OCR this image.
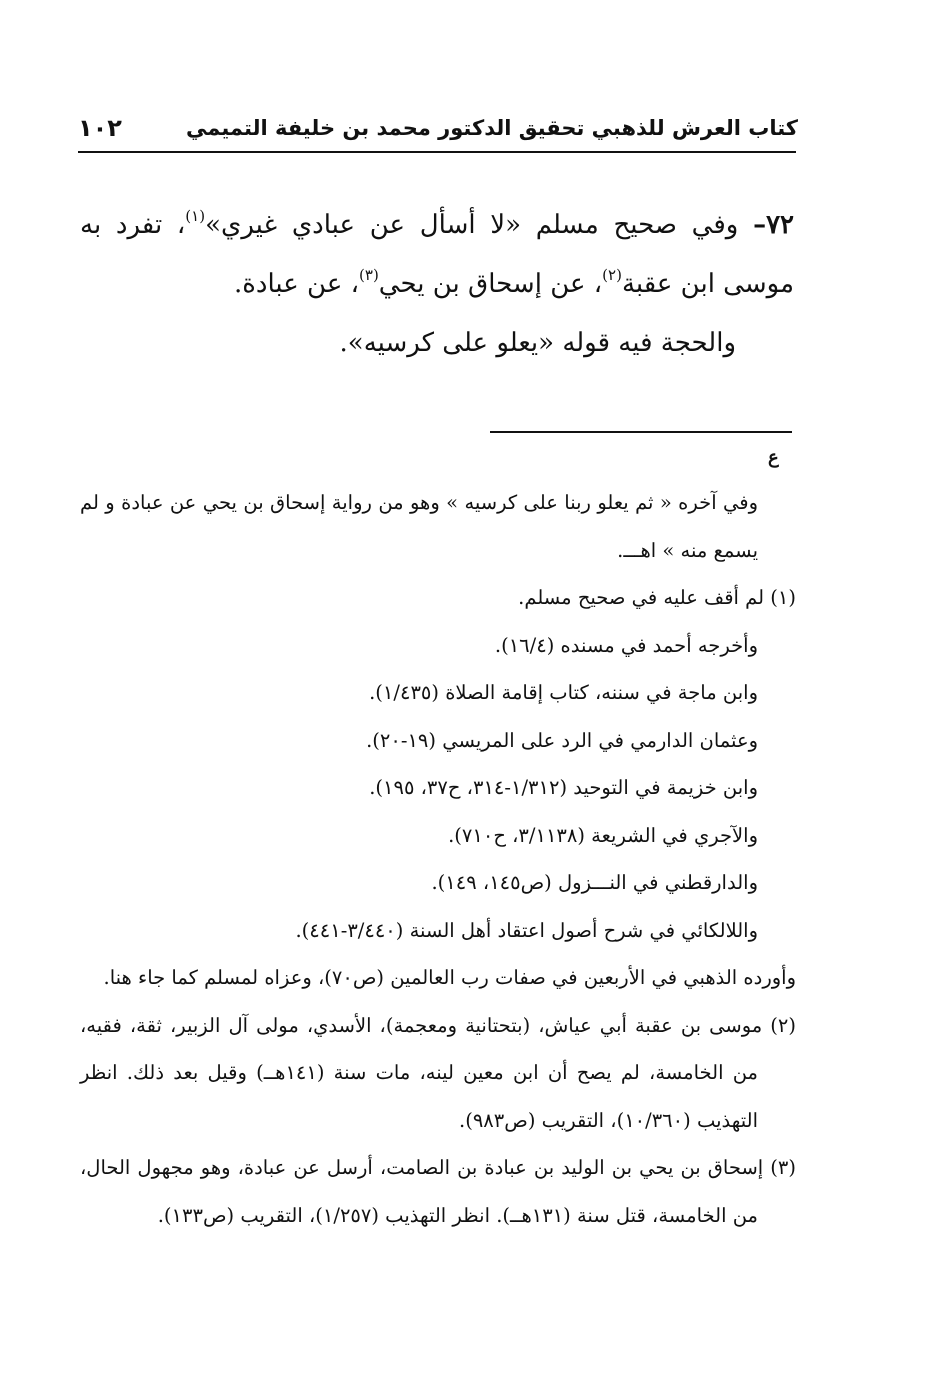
كتاب العرش للذهبي تحقيق الدكتور محمد بن خليفة التميمي
١٠٢

٧٢– وفي صحيح مسلم «لا أسأل عن عبادي غيري»$^{(١)}$، تفرد به موسى ابن عقبة$^{(٢)}$، عن إسحاق بن يحي$^{(٣)}$، عن عبادة.

والحجة فيه قوله «يعلو على كرسيه».

ع

وفي آخره « ثم يعلو ربنا على كرسيه » وهو من رواية إسحاق بن يحي عن عبادة و لم يسمع منه » اهـــ.

(١) لم أقف عليه في صحيح مسلم.

وأخرجه أحمد في مسنده (١٦/٤).

وابن ماجة في سننه، كتاب إقامة الصلاة (١/٤٣٥).

وعثمان الدارمي في الرد على المريسي (١٩-٢٠).

وابن خزيمة في التوحيد (١/٣١٢-٣١٤، ح٣٧، ١٩٥).

والآجري في الشريعة (٣/١١٣٨، ح٧١٠).

والدارقطني في النـــزول (ص١٤٥، ١٤٩).

واللالكائي في شرح أصول اعتقاد أهل السنة (٣/٤٤٠-٤٤١).

وأورده الذهبي في الأربعين في صفات رب العالمين (ص٧٠)، وعزاه لمسلم كما جاء هنا.

(٢) موسى بن عقبة أبي عياش، (بتحتانية ومعجمة)، الأسدي، مولى آل الزبير، ثقة، فقيه، من الخامسة، لم يصح أن ابن معين لينه، مات سنة (١٤١هــ) وقيل بعد ذلك. انظر التهذيب (١٠/٣٦٠)، التقريب (ص٩٨٣).

(٣) إسحاق بن يحي بن الوليد بن عبادة بن الصامت، أرسل عن عبادة، وهو مجهول الحال، من الخامسة، قتل سنة (١٣١هــ). انظر التهذيب (١/٢٥٧)، التقريب (ص١٣٣).
